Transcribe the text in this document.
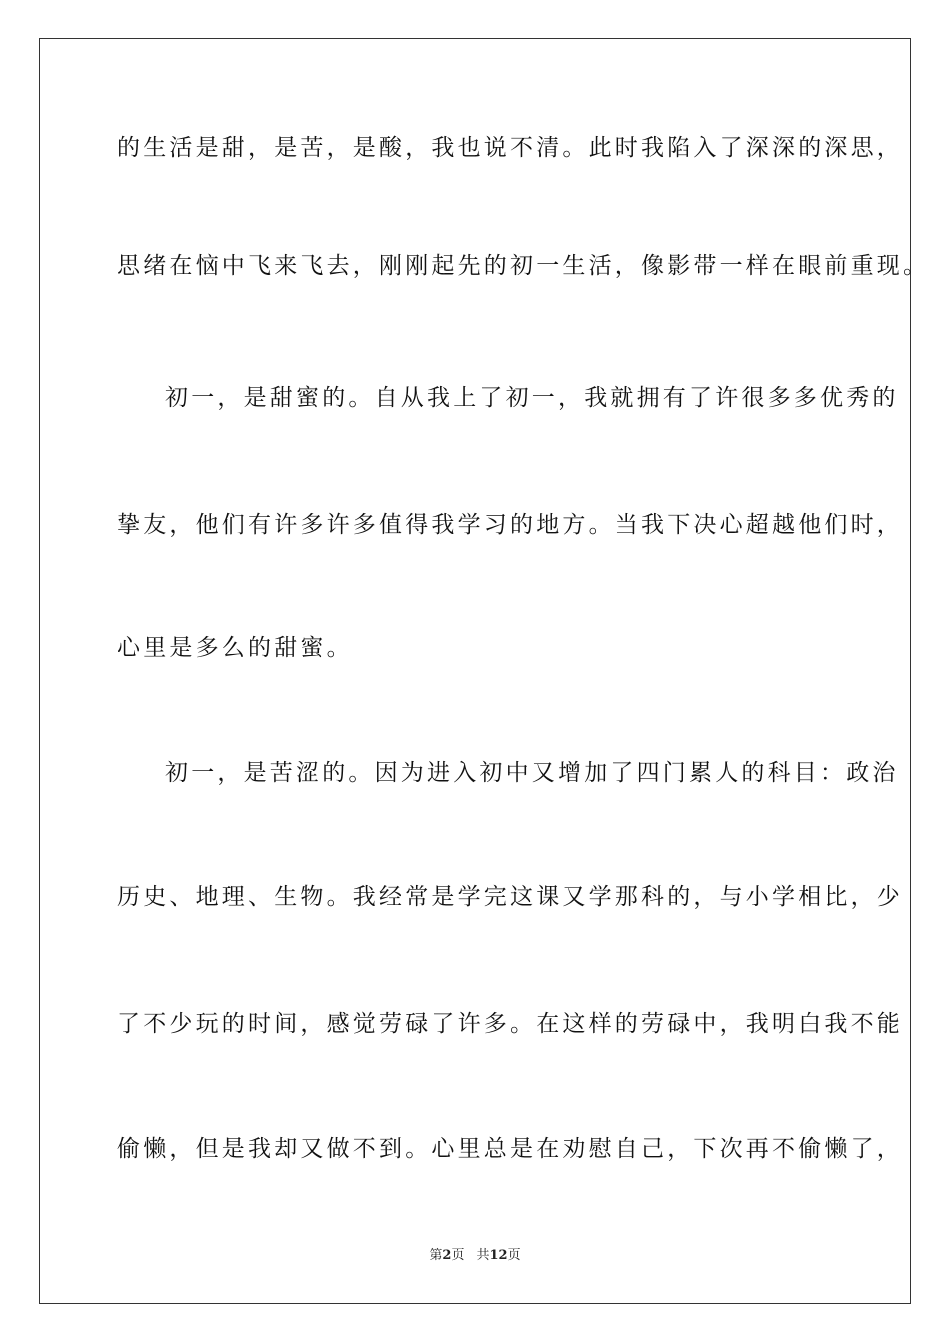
的生活是甜，是苦，是酸，我也说不清。此时我陷入了深深的深思，
思绪在恼中飞来飞去，刚刚起先的初一生活，像影带一样在眼前重现。
初一，是甜蜜的。自从我上了初一，我就拥有了许很多多优秀的
挚友，他们有许多许多值得我学习的地方。当我下决心超越他们时，
心里是多么的甜蜜。
初一，是苦涩的。因为进入初中又增加了四门累人的科目：政治
历史、地理、生物。我经常是学完这课又学那科的，与小学相比，少
了不少玩的时间，感觉劳碌了许多。在这样的劳碌中，我明白我不能
偷懒，但是我却又做不到。心里总是在劝慰自己，下次再不偷懒了，
第2页 共12页
